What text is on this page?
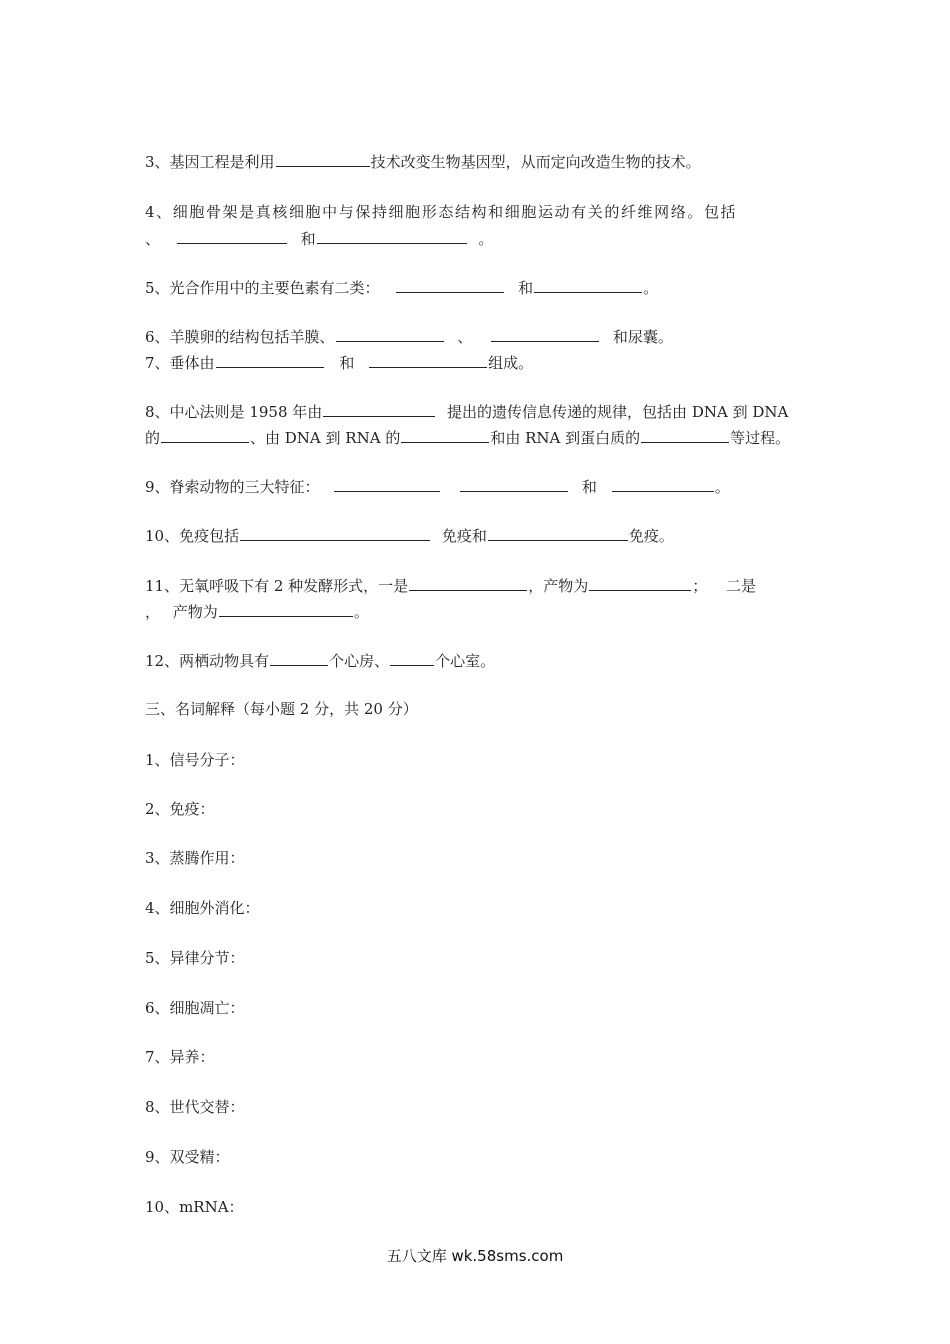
3、基因工程是利用	技术改变生物基因型，从而定向改造生物的技术。
4、细胞骨架是真核细胞中与保持细胞形态结构和细胞运动有关的纤维网络。包括
、	和	。
5、光合作用中的主要色素有二类：	和	。
6、羊膜卵的结构包括羊膜、	、	和尿囊。
7、垂体由	和	组成。
8、中心法则是 1958 年由	提出的遗传信息传递的规律，包括由 DNA 到 DNA
的	、由 DNA 到 RNA 的	和由 RNA 到蛋白质的	等过程。
9、脊索动物的三大特征：	和	。
10、免疫包括	免疫和	免疫。
11、无氧呼吸下有 2 种发酵形式，一是	，产物为	； 二是
， 产物为	。
12、两栖动物具有	个心房、	个心室。
三、名词解释（每小题 2 分，共 20 分）
1、信号分子：
2、免疫：
3、蒸腾作用：
4、细胞外消化：
5、异律分节：
6、细胞凋亡：
7、异养：
8、世代交替：
9、双受精：
10、mRNA：
五八文库 wk.58sms.com
